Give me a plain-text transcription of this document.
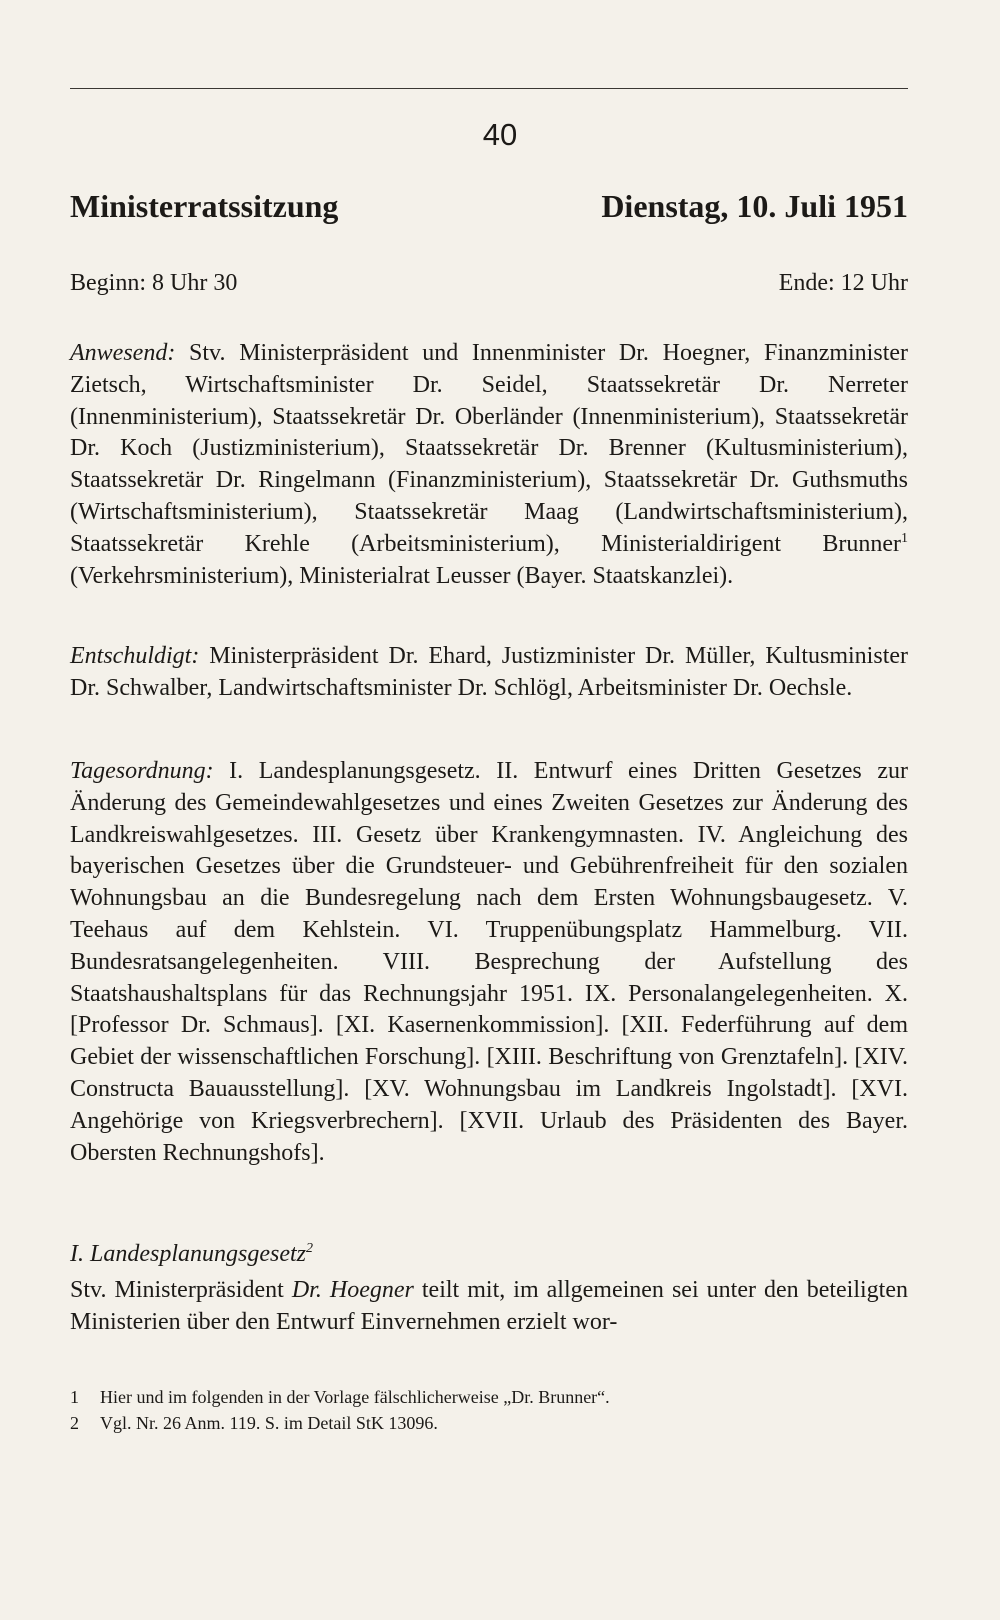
40
Ministerratssitzung	Dienstag, 10. Juli 1951
Beginn: 8 Uhr 30	Ende: 12 Uhr
Anwesend: Stv. Ministerpräsident und Innenminister Dr. Hoegner, Finanzminister Zietsch, Wirtschaftsminister Dr. Seidel, Staatssekretär Dr. Nerreter (Innenministerium), Staatssekretär Dr. Oberländer (Innenministerium), Staatssekretär Dr. Koch (Justizministerium), Staatssekretär Dr. Brenner (Kultusministerium), Staatssekretär Dr. Ringelmann (Finanzministerium), Staatssekretär Dr. Guthsmuths (Wirtschaftsministerium), Staatssekretär Maag (Landwirtschaftsministerium), Staatssekretär Krehle (Arbeitsministerium), Ministerialdirigent Brunner$^1$ (Verkehrsministerium), Ministerialrat Leusser (Bayer. Staatskanzlei).
Entschuldigt: Ministerpräsident Dr. Ehard, Justizminister Dr. Müller, Kultusminister Dr. Schwalber, Landwirtschaftsminister Dr. Schlögl, Arbeitsminister Dr. Oechsle.
Tagesordnung: I. Landesplanungsgesetz. II. Entwurf eines Dritten Gesetzes zur Änderung des Gemeindewahlgesetzes und eines Zweiten Gesetzes zur Änderung des Landkreiswahlgesetzes. III. Gesetz über Krankengymnasten. IV. Angleichung des bayerischen Gesetzes über die Grundsteuer- und Gebührenfreiheit für den sozialen Wohnungsbau an die Bundesregelung nach dem Ersten Wohnungsbaugesetz. V. Teehaus auf dem Kehlstein. VI. Truppenübungsplatz Hammelburg. VII. Bundesratsangelegenheiten. VIII. Besprechung der Aufstellung des Staatshaushaltsplans für das Rechnungsjahr 1951. IX. Personalangelegenheiten. X. [Professor Dr. Schmaus]. [XI. Kasernenkommission]. [XII. Federführung auf dem Gebiet der wissenschaftlichen Forschung]. [XIII. Beschriftung von Grenztafeln]. [XIV. Constructa Bauausstellung]. [XV. Wohnungsbau im Landkreis Ingolstadt]. [XVI. Angehörige von Kriegsverbrechern]. [XVII. Urlaub des Präsidenten des Bayer. Obersten Rechnungshofs].
I. Landesplanungsgesetz$^2$
Stv. Ministerpräsident Dr. Hoegner teilt mit, im allgemeinen sei unter den beteiligten Ministerien über den Entwurf Einvernehmen erzielt wor-
1 Hier und im folgenden in der Vorlage fälschlicherweise „Dr. Brunner“.
2 Vgl. Nr. 26 Anm. 119. S. im Detail StK 13096.
